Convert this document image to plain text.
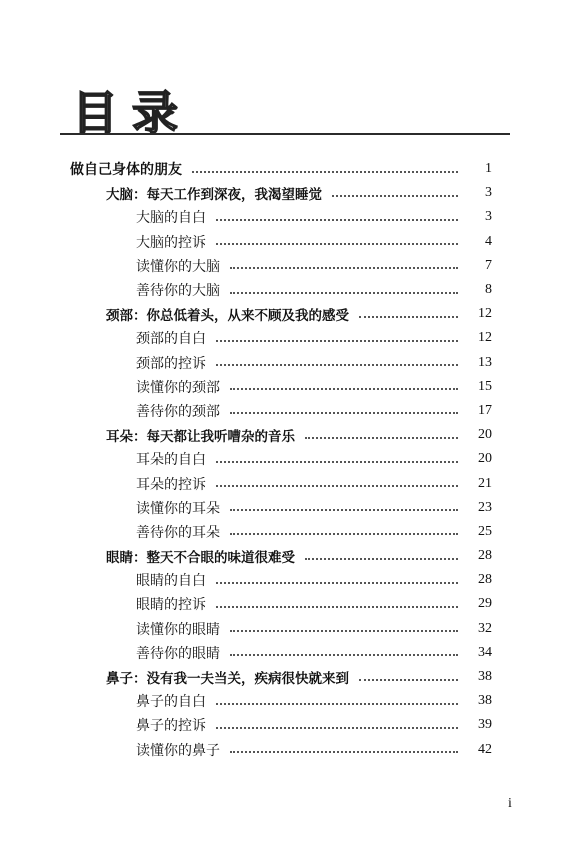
目 录
做自己身体的朋友	1
大脑：每天工作到深夜，我渴望睡觉	3
大脑的自白	3
大脑的控诉	4
读懂你的大脑	7
善待你的大脑	8
颈部：你总低着头，从来不顾及我的感受	12
颈部的自白	12
颈部的控诉	13
读懂你的颈部	15
善待你的颈部	17
耳朵：每天都让我听嘈杂的音乐	20
耳朵的自白	20
耳朵的控诉	21
读懂你的耳朵	23
善待你的耳朵	25
眼睛：整天不合眼的味道很难受	28
眼睛的自白	28
眼睛的控诉	29
读懂你的眼睛	32
善待你的眼睛	34
鼻子：没有我一夫当关，疾病很快就来到	38
鼻子的自白	38
鼻子的控诉	39
读懂你的鼻子	42
i
